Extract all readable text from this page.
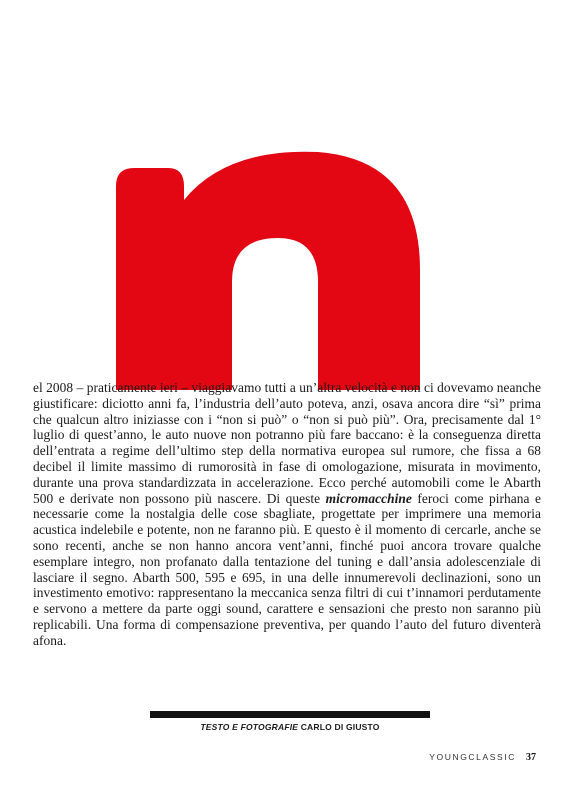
el 2008 – praticamente ieri – viaggiavamo tutti a un’altra velocità e non ci dovevamo neanche giustificare: diciotto anni fa, l’industria dell’auto poteva, anzi, osava ancora dire “sì” prima che qualcun altro iniziasse con i “non si può” o “non si può più”. Ora, precisamente dal 1° luglio di quest’anno, le auto nuove non potranno più fare baccano: è la conseguenza diretta dell’entrata a regime dell’ultimo step della normativa europea sul rumore, che fissa a 68 decibel il limite massimo di rumorosità in fase di omologazione, misurata in movimento, durante una prova standardizzata in accelerazione. Ecco perché automobili come le Abarth 500 e derivate non possono più nascere. Di queste micromacchine feroci come pirhana e necessarie come la nostalgia delle cose sbagliate, progettate per imprimere una memoria acustica indelebile e potente, non ne faranno più. E questo è il momento di cercarle, anche se sono recenti, anche se non hanno ancora vent’anni, finché puoi ancora trovare qualche esemplare integro, non profanato dalla tentazione del tuning e dall’ansia adolescenziale di lasciare il segno. Abarth 500, 595 e 695, in una delle innumerevoli declinazioni, sono un investimento emotivo: rappresentano la meccanica senza filtri di cui t’innamori perdutamente e servono a mettere da parte oggi sound, carattere e sensazioni che presto non saranno più replicabili. Una forma di compensazione preventiva, per quando l’auto del futuro diventerà afona.
TESTO E FOTOGRAFIE CARLO DI GIUSTO
YOUNGCLASSIC 37
